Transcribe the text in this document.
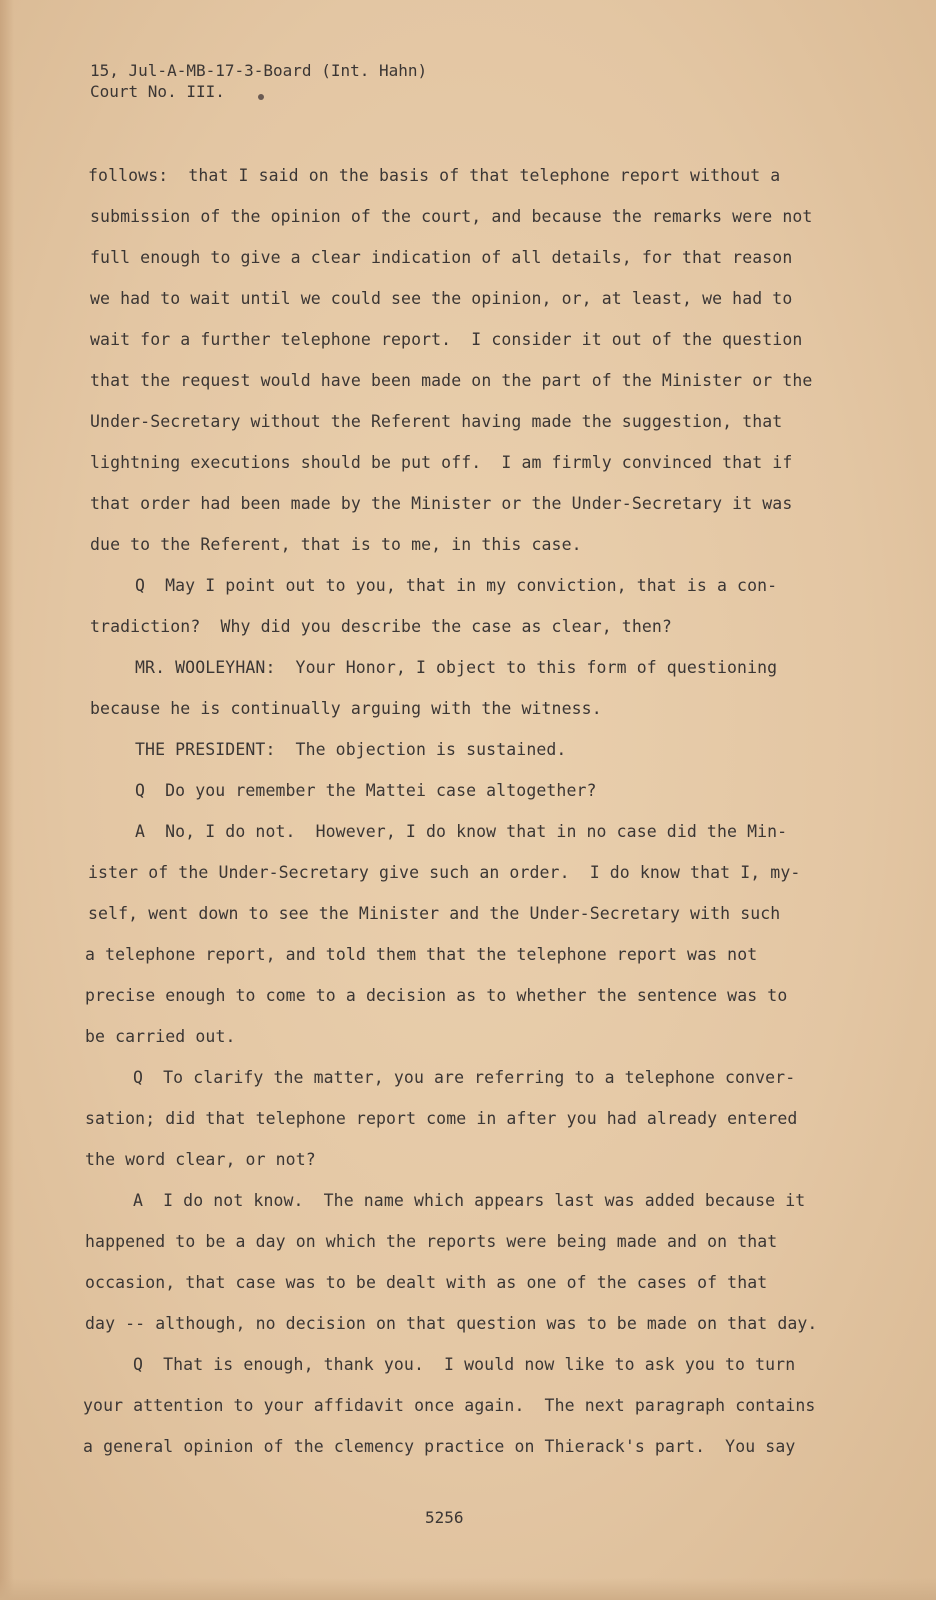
15, Jul-A-MB-17-3-Board (Int. Hahn)
Court No. III.
follows:  that I said on the basis of that telephone report without a
submission of the opinion of the court, and because the remarks were not
full enough to give a clear indication of all details, for that reason
we had to wait until we could see the opinion, or, at least, we had to
wait for a further telephone report.  I consider it out of the question
that the request would have been made on the part of the Minister or the
Under-Secretary without the Referent having made the suggestion, that
lightning executions should be put off.  I am firmly convinced that if
that order had been made by the Minister or the Under-Secretary it was
due to the Referent, that is to me, in this case.
Q  May I point out to you, that in my conviction, that is a con-
tradiction?  Why did you describe the case as clear, then?
MR. WOOLEYHAN:  Your Honor, I object to this form of questioning
because he is continually arguing with the witness.
THE PRESIDENT:  The objection is sustained.
Q  Do you remember the Mattei case altogether?
A  No, I do not.  However, I do know that in no case did the Min-
ister of the Under-Secretary give such an order.  I do know that I, my-
self, went down to see the Minister and the Under-Secretary with such
a telephone report, and told them that the telephone report was not
precise enough to come to a decision as to whether the sentence was to
be carried out.
Q  To clarify the matter, you are referring to a telephone conver-
sation; did that telephone report come in after you had already entered
the word clear, or not?
A  I do not know.  The name which appears last was added because it
happened to be a day on which the reports were being made and on that
occasion, that case was to be dealt with as one of the cases of that
day -- although, no decision on that question was to be made on that day.
Q  That is enough, thank you.  I would now like to ask you to turn
your attention to your affidavit once again.  The next paragraph contains
a general opinion of the clemency practice on Thierack's part.  You say
5256
